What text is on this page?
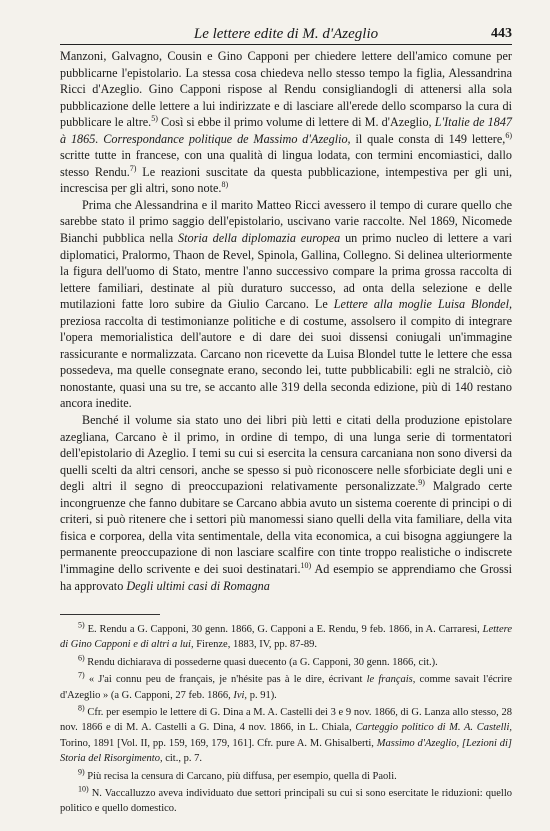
Le lettere edite di M. d'Azeglio	443

Manzoni, Galvagno, Cousin e Gino Capponi per chiedere lettere dell'amico comune per pubblicarne l'epistolario. La stessa cosa chiedeva nello stesso tempo la figlia, Alessandrina Ricci d'Azeglio. Gino Capponi rispose al Rendu consigliandogli di attenersi alla sola pubblicazione delle lettere a lui indirizzate e di lasciare all'erede dello scomparso la cura di pubblicare le altre.$^{5)}$ Così si ebbe il primo volume di lettere di M. d'Azeglio, L'Italie de 1847 à 1865. Correspondance politique de Massimo d'Azeglio, il quale consta di 149 lettere,$^{6)}$ scritte tutte in francese, con una qualità di lingua lodata, con termini encomiastici, dallo stesso Rendu.$^{7)}$ Le reazioni suscitate da questa pubblicazione, intempestiva per gli uni, increscisa per gli altri, sono note.$^{8)}$

Prima che Alessandrina e il marito Matteo Ricci avessero il tempo di curare quello che sarebbe stato il primo saggio dell'epistolario, uscivano varie raccolte. Nel 1869, Nicomede Bianchi pubblica nella Storia della diplomazia europea un primo nucleo di lettere a vari diplomatici, Pralormo, Thaon de Revel, Spinola, Gallina, Collegno. Si delinea ulteriormente la figura dell'uomo di Stato, mentre l'anno successivo compare la prima grossa raccolta di lettere familiari, destinate al più duraturo successo, ad onta della selezione e delle mutilazioni fatte loro subire da Giulio Carcano. Le Lettere alla moglie Luisa Blondel, preziosa raccolta di testimonianze politiche e di costume, assolsero il compito di integrare l'opera memorialistica dell'autore e di dare dei suoi dissensi coniugali un'immagine rassicurante e normalizzata. Carcano non ricevette da Luisa Blondel tutte le lettere che essa possedeva, ma quelle consegnate erano, secondo lei, tutte pubblicabili: egli ne stralciò, ciò nonostante, quasi una su tre, se accanto alle 319 della seconda edizione, più di 140 restano ancora inedite.

Benché il volume sia stato uno dei libri più letti e citati della produzione epistolare azegliana, Carcano è il primo, in ordine di tempo, di una lunga serie di tormentatori dell'epistolario di Azeglio. I temi su cui si esercita la censura carcaniana non sono diversi da quelli scelti da altri censori, anche se spesso si può riconoscere nelle sforbiciate degli uni e degli altri il segno di preoccupazioni relativamente personalizzate.$^{9)}$ Malgrado certe incongruenze che fanno dubitare se Carcano abbia avuto un sistema coerente di principi o di criteri, si può ritenere che i settori più manomessi siano quelli della vita familiare, della vita fisica e corporea, della vita sentimentale, della vita economica, a cui bisogna aggiungere la permanente preoccupazione di non lasciare scalfire con tinte troppo realistiche o indiscrete l'immagine dello scrivente e dei suoi destinatari.$^{10)}$ Ad esempio se apprendiamo che Grossi ha approvato Degli ultimi casi di Romagna

$^{5)}$ E. Rendu a G. Capponi, 30 genn. 1866, G. Capponi a E. Rendu, 9 feb. 1866, in A. Carraresi, Lettere di Gino Capponi e di altri a lui, Firenze, 1883, IV, pp. 87-89.

$^{6)}$ Rendu dichiarava di possederne quasi duecento (a G. Capponi, 30 genn. 1866, cit.).

$^{7)}$ « J'ai connu peu de français, je n'hésite pas à le dire, écrivant le français, comme savait l'écrire d'Azeglio » (a G. Capponi, 27 feb. 1866, Ivi, p. 91).

$^{8)}$ Cfr. per esempio le lettere di G. Dina a M. A. Castelli dei 3 e 9 nov. 1866, di G. Lanza allo stesso, 28 nov. 1866 e di M. A. Castelli a G. Dina, 4 nov. 1866, in L. Chiala, Carteggio politico di M. A. Castelli, Torino, 1891 [Vol. II, pp. 159, 169, 179, 161]. Cfr. pure A. M. Ghisalberti, Massimo d'Azeglio, [Lezioni di] Storia del Risorgimento, cit., p. 7.

$^{9)}$ Più recisa la censura di Carcano, più diffusa, per esempio, quella di Paoli.

$^{10)}$ N. Vaccalluzzo aveva individuato due settori principali su cui si sono esercitate le riduzioni: quello politico e quello domestico.
